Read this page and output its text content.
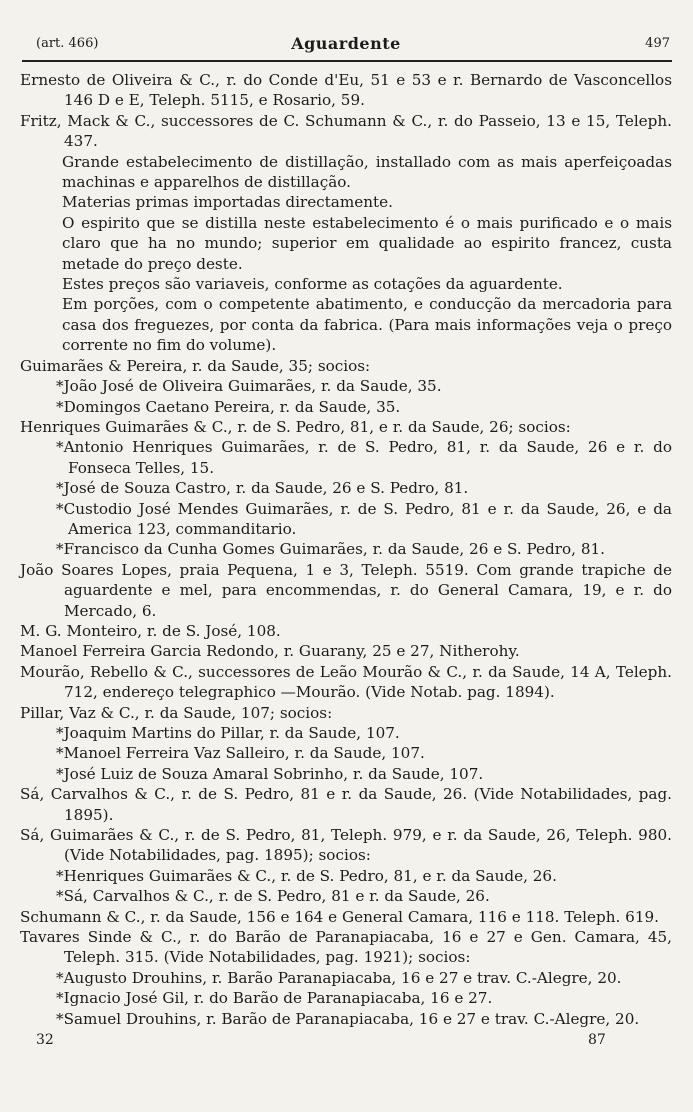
(art. 466)	Aguardente	497

Ernesto de Oliveira & C., r. do Conde d'Eu, 51 e 53 e r. Bernardo de Vasconcellos 146 D e E, Teleph. 5115, e Rosario, 59.

Fritz, Mack & C., successores de C. Schumann & C., r. do Passeio, 13 e 15, Teleph. 437.

Grande estabelecimento de distillação, installado com as mais aperfeiçoadas machinas e apparelhos de distillação.

Materias primas importadas directamente.

O espirito que se distilla neste estabelecimento é o mais purificado e o mais claro que ha no mundo; superior em qualidade ao espirito francez, custa metade do preço deste.

Estes preços são variaveis, conforme as cotações da aguardente.

Em porções, com o competente abatimento, e conducção da mercadoria para casa dos freguezes, por conta da fabrica. (Para mais informações veja o preço corrente no fim do volume).

Guimarães & Pereira, r. da Saude, 35; socios:

*João José de Oliveira Guimarães, r. da Saude, 35.

*Domingos Caetano Pereira, r. da Saude, 35.

Henriques Guimarães & C., r. de S. Pedro, 81, e r. da Saude, 26; socios:

*Antonio Henriques Guimarães, r. de S. Pedro, 81, r. da Saude, 26 e r. do Fonseca Telles, 15.

*José de Souza Castro, r. da Saude, 26 e S. Pedro, 81.

*Custodio José Mendes Guimarães, r. de S. Pedro, 81 e r. da Saude, 26, e da America 123, commanditario.

*Francisco da Cunha Gomes Guimarães, r. da Saude, 26 e S. Pedro, 81.

João Soares Lopes, praia Pequena, 1 e 3, Teleph. 5519. Com grande trapiche de aguardente e mel, para encommendas, r. do General Camara, 19, e r. do Mercado, 6.

M. G. Monteiro, r. de S. José, 108.

Manoel Ferreira Garcia Redondo, r. Guarany, 25 e 27, Nitherohy.

Mourão, Rebello & C., successores de Leão Mourão & C., r. da Saude, 14 A, Teleph. 712, endereço telegraphico —Mourão. (Vide Notab. pag. 1894).

Pillar, Vaz & C., r. da Saude, 107; socios:

*Joaquim Martins do Pillar, r. da Saude, 107.

*Manoel Ferreira Vaz Salleiro, r. da Saude, 107.

*José Luiz de Souza Amaral Sobrinho, r. da Saude, 107.

Sá, Carvalhos & C., r. de S. Pedro, 81 e r. da Saude, 26. (Vide Notabilidades, pag. 1895).

Sá, Guimarães & C., r. de S. Pedro, 81, Teleph. 979, e r. da Saude, 26, Teleph. 980. (Vide Notabilidades, pag. 1895); socios:

*Henriques Guimarães & C., r. de S. Pedro, 81, e r. da Saude, 26.

*Sá, Carvalhos & C., r. de S. Pedro, 81 e r. da Saude, 26.

Schumann & C., r. da Saude, 156 e 164 e General Camara, 116 e 118. Teleph. 619.

Tavares Sinde & C., r. do Barão de Paranapiacaba, 16 e 27 e Gen. Camara, 45, Teleph. 315. (Vide Notabilidades, pag. 1921); socios:

*Augusto Drouhins, r. Barão Paranapiacaba, 16 e 27 e trav. C.-Alegre, 20.

*Ignacio José Gil, r. do Barão de Paranapiacaba, 16 e 27.

*Samuel Drouhins, r. Barão de Paranapiacaba, 16 e 27 e trav. C.-Alegre, 20.

32	87
